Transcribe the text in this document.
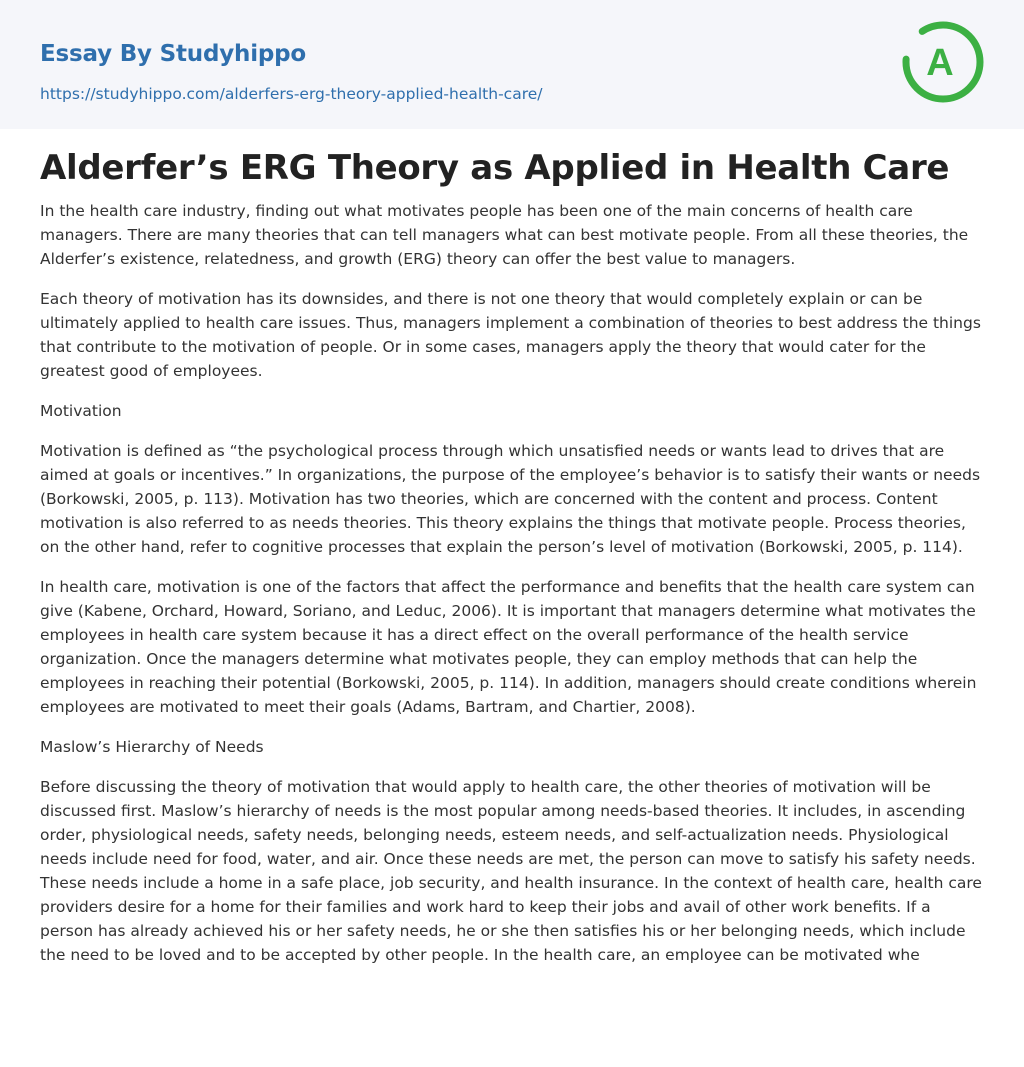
Essay By Studyhippo
https://studyhippo.com/alderfers-erg-theory-applied-health-care/
A
Alderfer’s ERG Theory as Applied in Health Care

In the health care industry, finding out what motivates people has been one of the main concerns of health care managers. There are many theories that can tell managers what can best motivate people. From all these theories, the Alderfer’s existence, relatedness, and growth (ERG) theory can offer the best value to managers.

Each theory of motivation has its downsides, and there is not one theory that would completely explain or can be ultimately applied to health care issues. Thus, managers implement a combination of theories to best address the things that contribute to the motivation of people. Or in some cases, managers apply the theory that would cater for the greatest good of employees.

Motivation

Motivation is defined as “the psychological process through which unsatisfied needs or wants lead to drives that are aimed at goals or incentives.” In organizations, the purpose of the employee’s behavior is to satisfy their wants or needs (Borkowski, 2005, p. 113). Motivation has two theories, which are concerned with the content and process. Content motivation is also referred to as needs theories. This theory explains the things that motivate people. Process theories, on the other hand, refer to cognitive processes that explain the person’s level of motivation (Borkowski, 2005, p. 114).

In health care, motivation is one of the factors that affect the performance and benefits that the health care system can give (Kabene, Orchard, Howard, Soriano, and Leduc, 2006). It is important that managers determine what motivates the employees in health care system because it has a direct effect on the overall performance of the health service organization. Once the managers determine what motivates people, they can employ methods that can help the employees in reaching their potential (Borkowski, 2005, p. 114). In addition, managers should create conditions wherein employees are motivated to meet their goals (Adams, Bartram, and Chartier, 2008).

Maslow’s Hierarchy of Needs

Before discussing the theory of motivation that would apply to health care, the other theories of motivation will be discussed first. Maslow’s hierarchy of needs is the most popular among needs-based theories. It includes, in ascending order, physiological needs, safety needs, belonging needs, esteem needs, and self-actualization needs. Physiological needs include need for food, water, and air. Once these needs are met, the person can move to satisfy his safety needs. These needs include a home in a safe place, job security, and health insurance. In the context of health care, health care providers desire for a home for their families and work hard to keep their jobs and avail of other work benefits. If a person has already achieved his or her safety needs, he or she then satisfies his or her belonging needs, which include the need to be loved and to be accepted by other people. In the health care, an employee can be motivated whe
